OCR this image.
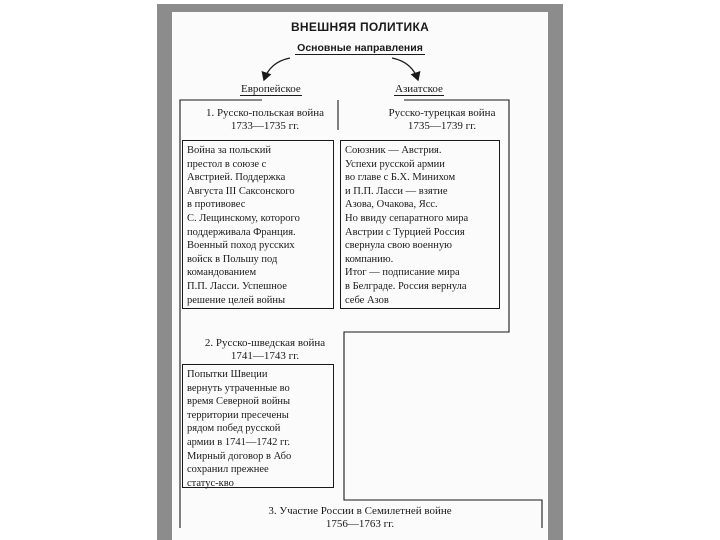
ВНЕШНЯЯ ПОЛИТИКА
Основные направления
Европейское	Азиатское
1. Русско-польская война
1733—1735 гг.
Русско-турецкая война
1735—1739 гг.
Война за польский
престол в союзе с
Австрией. Поддержка
Августа III Саксонского
в противовес
С. Лещинскому, которого
поддерживала Франция.
Военный поход русских
войск в Польшу под
командованием
П.П. Ласси. Успешное
решение целей войны
Союзник — Австрия.
Успехи русской армии
во главе с Б.Х. Минихом
и П.П. Ласси — взятие
Азова, Очакова, Ясс.
Но ввиду сепаратного мира
Австрии с Турцией Россия
свернула свою военную
компанию.
Итог — подписание мира
в Белграде. Россия вернула
себе Азов
2. Русско-шведская война
1741—1743 гг.
Попытки Швеции
вернуть утраченные во
время Северной войны
территории пресечены
рядом побед русской
армии в 1741—1742 гг.
Мирный договор в Або
сохранил прежнее
статус-кво
3. Участие России в Семилетней войне
1756—1763 гг.
